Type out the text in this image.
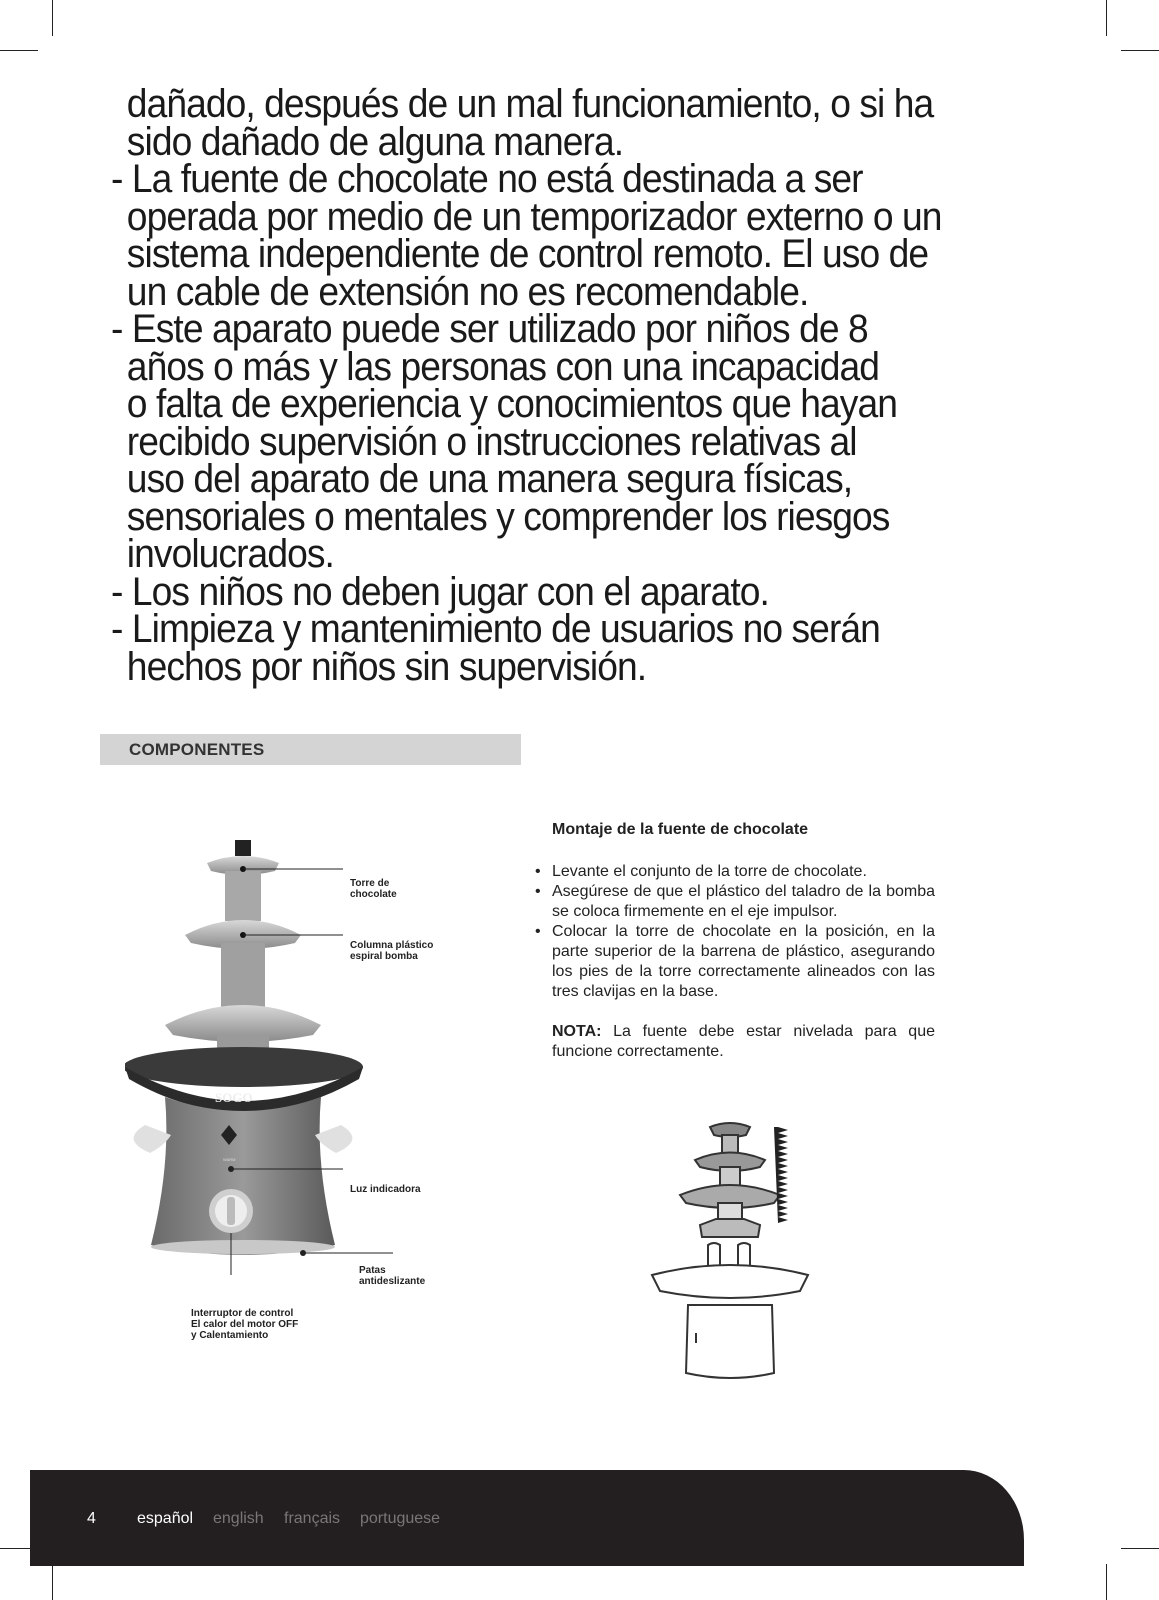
dañado, después de un mal funcionamiento, o si ha

sido dañado de alguna manera.

- La fuente de chocolate no está destinada a ser

operada por medio de un temporizador externo o un

sistema independiente de control remoto. El uso de

un cable de extensión no es recomendable.

- Este aparato puede ser utilizado por niños de 8

años o más y las personas con una incapacidad

o falta de experiencia y conocimientos que hayan

recibido supervisión o instrucciones relativas al

uso del aparato de una manera segura físicas,

sensoriales o mentales y comprender los riesgos

involucrados.

- Los niños no deben jugar con el aparato.

- Limpieza y mantenimiento de usuarios no serán

hechos por niños sin supervisión.

COMPONENTES
SOGO
WARM
Torre de
chocolate
Columna plástico
espiral bomba
Luz indicadora
Patas
antideslizante
Interruptor de control
El calor del motor OFF
y Calentamiento
Montaje de la fuente de chocolate
• Levante el conjunto de la torre de chocolate.
• Asegúrese de que el plástico del taladro de la bomba se coloca firmemente en el eje impulsor.
• Colocar la torre de chocolate en la posición, en la parte superior de la barrena de plástico, asegurando los pies de la torre correctamente alineados con las tres clavijas en la base.
NOTA: La fuente debe estar nivelada para que funcione correctamente.
4	español english français portuguese
